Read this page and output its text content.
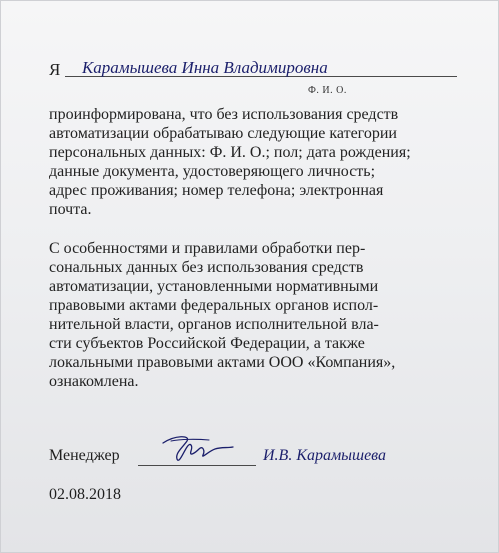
Я Карамышева Инна Владимировна
Ф. И. О.
проинформирована, что без использования средств
автоматизации обрабатываю следующие категории
персональных данных: Ф. И. О.; пол; дата рождения;
данные документа, удостоверяющего личность;
адрес проживания; номер телефона; электронная
почта.
С особенностями и правилами обработки пер-
сональных данных без использования средств
автоматизации, установленными нормативными
правовыми актами федеральных органов испол-
нительной власти, органов исполнительной вла-
сти субъектов Российской Федерации, а также
локальными правовыми актами ООО «Компания»,
ознакомлена.
Менеджер	И.В. Карамышева
02.08.2018
